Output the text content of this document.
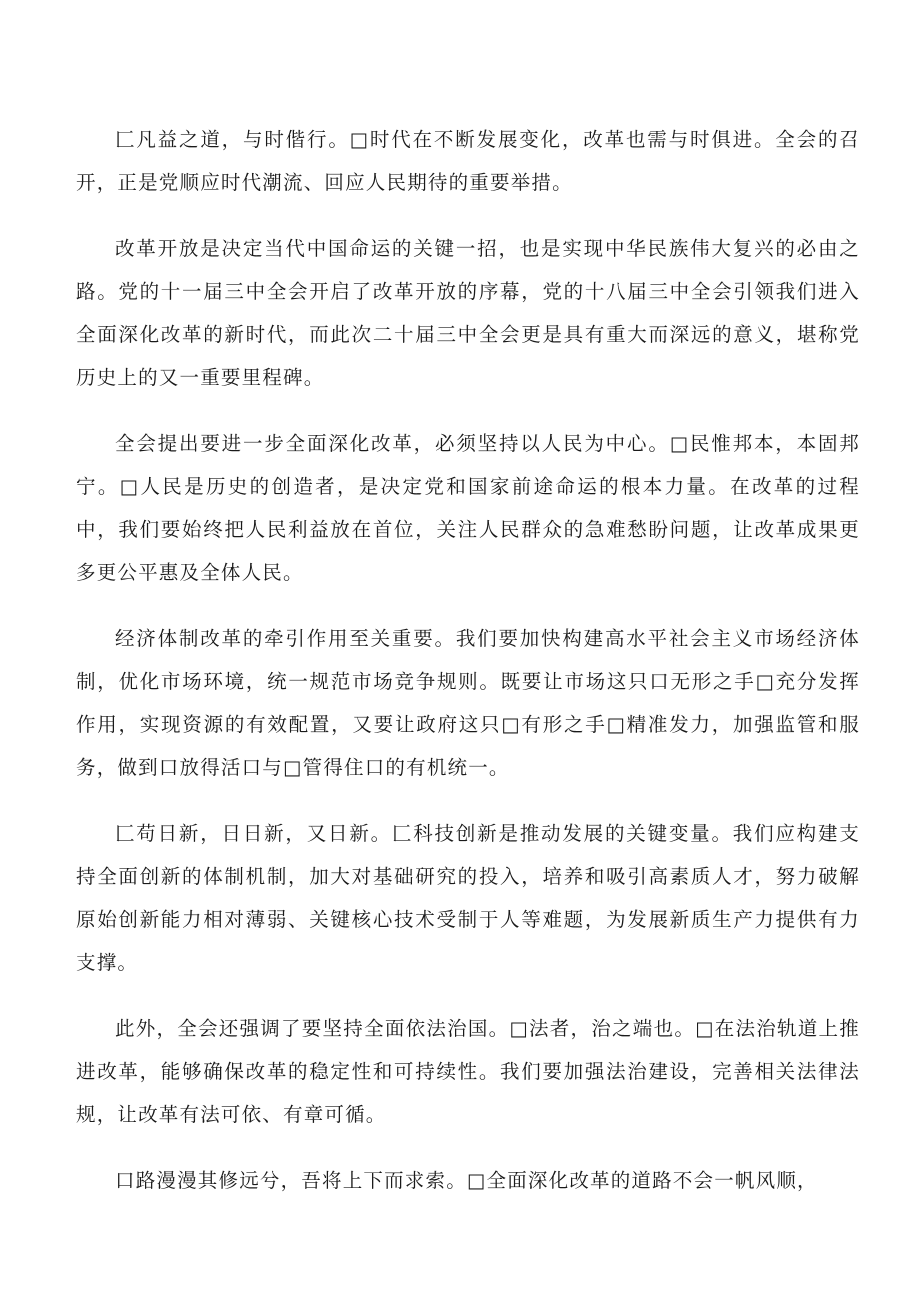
匚凡益之道，与时偕行。□时代在不断发展变化，改革也需与时俱进。全会的召开，正是党顺应时代潮流、回应人民期待的重要举措。

改革开放是决定当代中国命运的关键一招，也是实现中华民族伟大复兴的必由之路。党的十一届三中全会开启了改革开放的序幕，党的十八届三中全会引领我们进入全面深化改革的新时代，而此次二十届三中全会更是具有重大而深远的意义，堪称党历史上的又一重要里程碑。

全会提出要进一步全面深化改革，必须坚持以人民为中心。□民惟邦本，本固邦宁。□人民是历史的创造者，是决定党和国家前途命运的根本力量。在改革的过程中，我们要始终把人民利益放在首位，关注人民群众的急难愁盼问题，让改革成果更多更公平惠及全体人民。

经济体制改革的牵引作用至关重要。我们要加快构建高水平社会主义市场经济体制，优化市场环境，统一规范市场竞争规则。既要让市场这只口无形之手□充分发挥作用，实现资源的有效配置，又要让政府这只□有形之手□精准发力，加强监管和服务，做到口放得活口与□管得住口的有机统一。

匚苟日新，日日新，又日新。匚科技创新是推动发展的关键变量。我们应构建支持全面创新的体制机制，加大对基础研究的投入，培养和吸引高素质人才，努力破解原始创新能力相对薄弱、关键核心技术受制于人等难题，为发展新质生产力提供有力支撑。

此外，全会还强调了要坚持全面依法治国。□法者，治之端也。□在法治轨道上推进改革，能够确保改革的稳定性和可持续性。我们要加强法治建设，完善相关法律法规，让改革有法可依、有章可循。

口路漫漫其修远兮，吾将上下而求索。□全面深化改革的道路不会一帆风顺，
